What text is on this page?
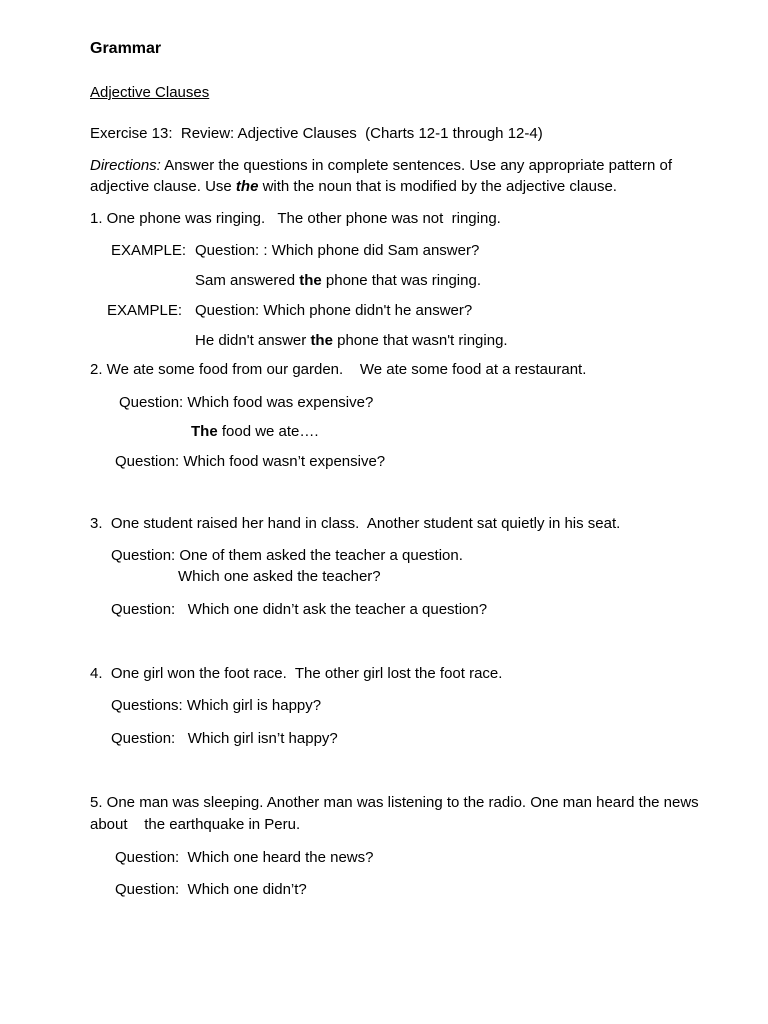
Grammar
Adjective Clauses
Exercise 13:  Review: Adjective Clauses  (Charts 12-1 through 12-4)
Directions: Answer the questions in complete sentences. Use any appropriate pattern of
adjective clause. Use the with the noun that is modified by the adjective clause.
1. One phone was ringing.   The other phone was not  ringing.
EXAMPLE: Question: : Which phone did Sam answer?
Sam answered the phone that was ringing.
EXAMPLE: Question: Which phone didn't he answer?
He didn't answer the phone that wasn't ringing.
2. We ate some food from our garden.    We ate some food at a restaurant.
Question: Which food was expensive?
The food we ate….
Question: Which food wasn’t expensive?
3.  One student raised her hand in class.  Another student sat quietly in his seat.
Question: One of them asked the teacher a question.
Which one asked the teacher?
Question:   Which one didn’t ask the teacher a question?
4.  One girl won the foot race.  The other girl lost the foot race.
Questions: Which girl is happy?
Question:   Which girl isn’t happy?
5. One man was sleeping. Another man was listening to the radio. One man heard the news
about    the earthquake in Peru.
Question:  Which one heard the news?
Question:  Which one didn’t?
